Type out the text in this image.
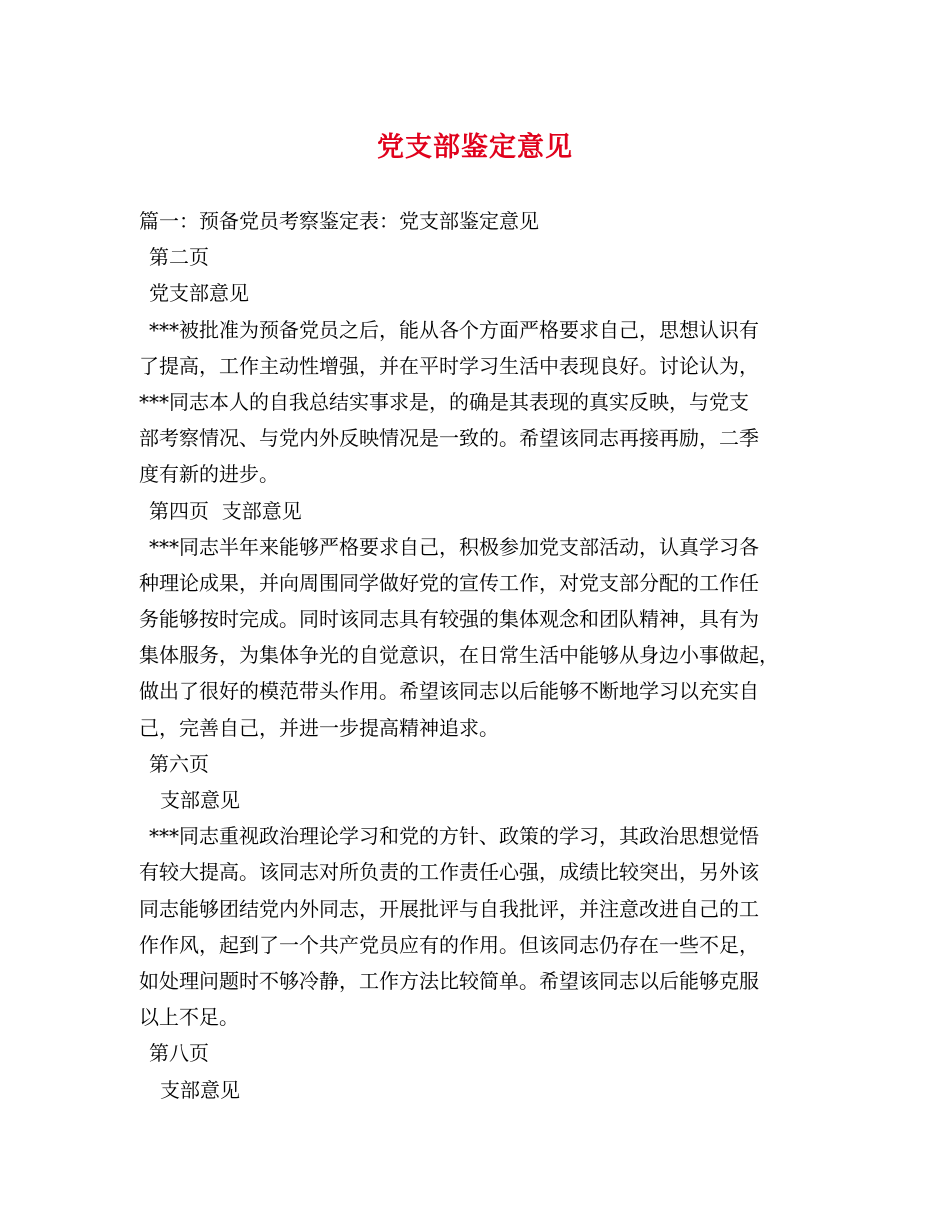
党支部鉴定意见
篇一：预备党员考察鉴定表：党支部鉴定意见
第二页
党支部意见
***被批准为预备党员之后，能从各个方面严格要求自己，思想认识有
了提高，工作主动性增强，并在平时学习生活中表现良好。讨论认为，
***同志本人的自我总结实事求是，的确是其表现的真实反映，与党支
部考察情况、与党内外反映情况是一致的。希望该同志再接再励，二季
度有新的进步。
第四页  支部意见
***同志半年来能够严格要求自己，积极参加党支部活动，认真学习各
种理论成果，并向周围同学做好党的宣传工作，对党支部分配的工作任
务能够按时完成。同时该同志具有较强的集体观念和团队精神，具有为
集体服务，为集体争光的自觉意识，在日常生活中能够从身边小事做起，
做出了很好的模范带头作用。希望该同志以后能够不断地学习以充实自
己，完善自己，并进一步提高精神追求。
第六页
支部意见
***同志重视政治理论学习和党的方针、政策的学习，其政治思想觉悟
有较大提高。该同志对所负责的工作责任心强，成绩比较突出，另外该
同志能够团结党内外同志，开展批评与自我批评，并注意改进自己的工
作作风，起到了一个共产党员应有的作用。但该同志仍存在一些不足，
如处理问题时不够冷静，工作方法比较简单。希望该同志以后能够克服
以上不足。
第八页
支部意见
